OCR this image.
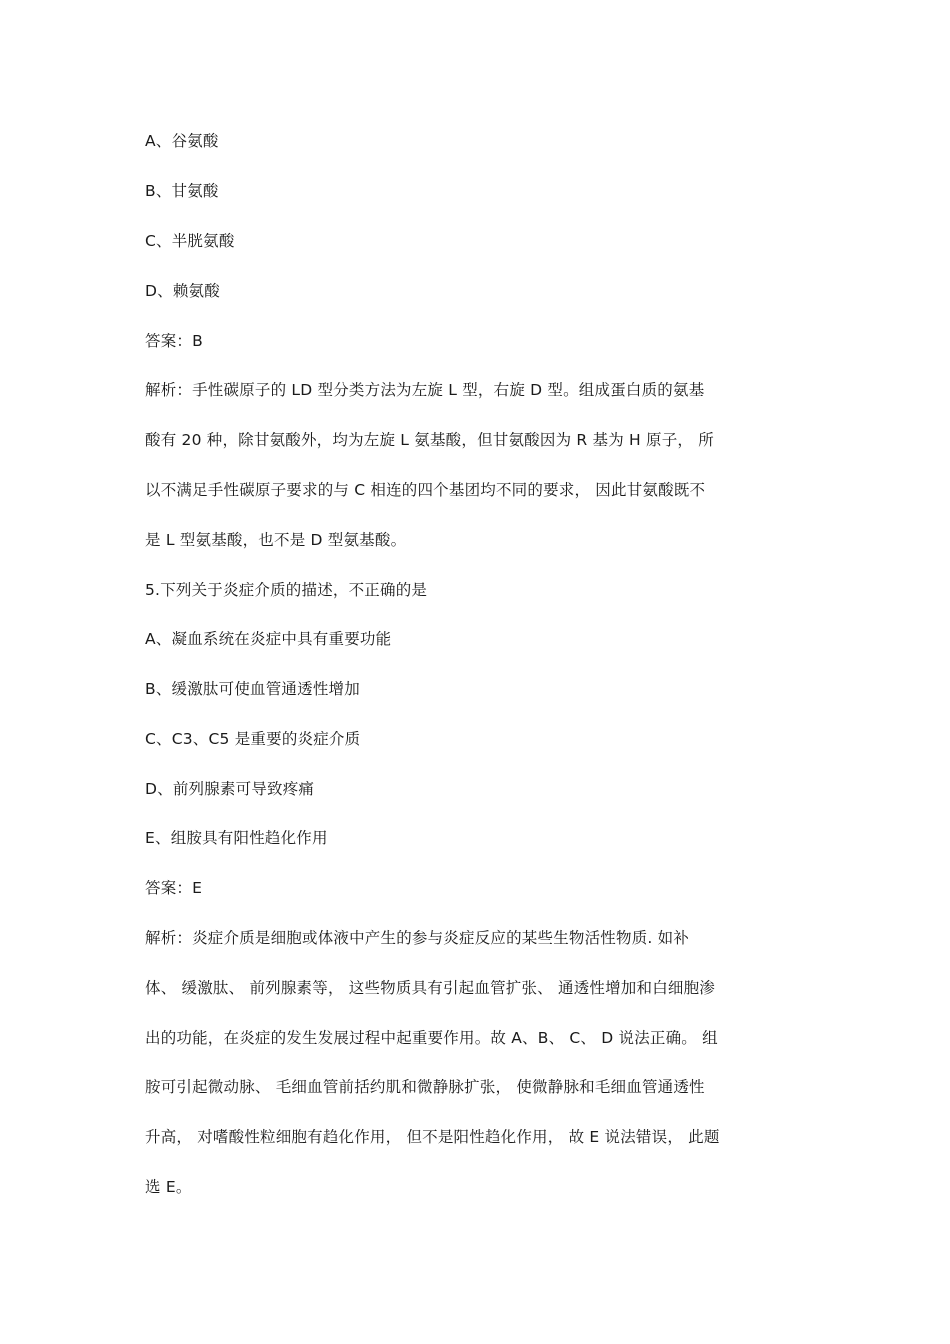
A、谷氨酸
B、甘氨酸
C、半胱氨酸
D、赖氨酸
答案：B
解析：手性碳原子的 LD 型分类方法为左旋 L 型，右旋 D 型。组成蛋白质的氨基
酸有 20 种，除甘氨酸外，均为左旋 L 氨基酸，但甘氨酸因为 R 基为 H 原子， 所
以不满足手性碳原子要求的与 C 相连的四个基团均不同的要求， 因此甘氨酸既不
是 L 型氨基酸，也不是 D 型氨基酸。
5.下列关于炎症介质的描述，不正确的是
A、凝血系统在炎症中具有重要功能
B、缓激肽可使血管通透性增加
C、C3、C5 是重要的炎症介质
D、前列腺素可导致疼痛
E、组胺具有阳性趋化作用
答案：E
解析：炎症介质是细胞或体液中产生的参与炎症反应的某些生物活性物质. 如补
体、 缓激肽、 前列腺素等， 这些物质具有引起血管扩张、 通透性增加和白细胞渗
出的功能，在炎症的发生发展过程中起重要作用。故 A、B、 C、 D 说法正确。 组
胺可引起微动脉、 毛细血管前括约肌和微静脉扩张， 使微静脉和毛细血管通透性
升高， 对嗜酸性粒细胞有趋化作用， 但不是阳性趋化作用， 故 E 说法错误， 此题
选 E。
